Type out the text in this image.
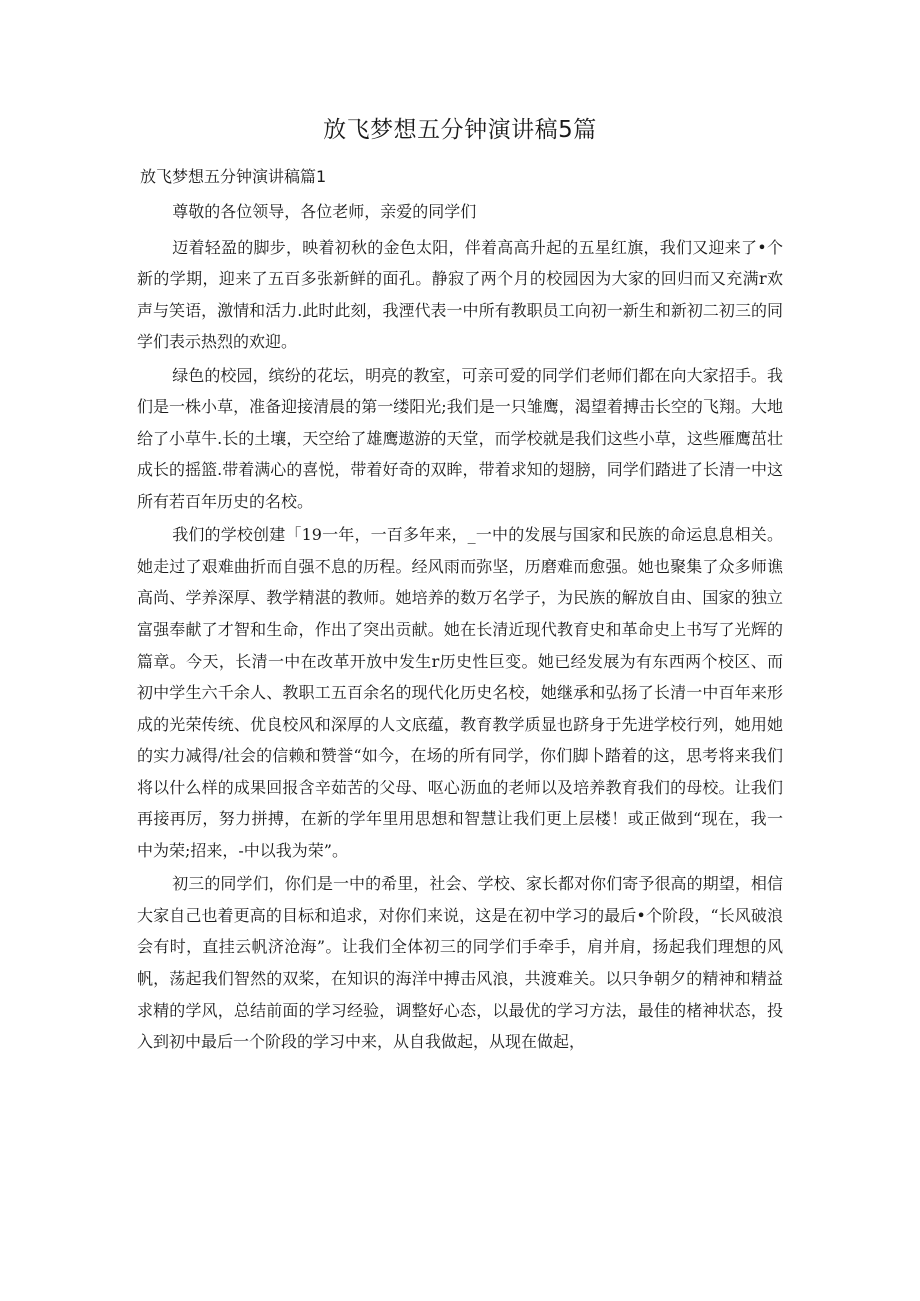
放飞梦想五分钟演讲稿5篇
放飞梦想五分钟演讲稿篇1

尊敬的各位领导，各位老师，亲爱的同学们

迈着轻盈的脚步，映着初秋的金色太阳，伴着高高升起的五星红旗，我们又迎来了•个新的学期，迎来了五百多张新鲜的面孔。静寂了两个月的校园因为大家的回归而又充满r欢声与笑语，激情和活力.此时此刻，我湮代表一中所有教职员工向初一新生和新初二初三的同学们表示热烈的欢迎。

绿色的校园，缤纷的花坛，明亮的教室，可亲可爱的同学们老师们都在向大家招手。我们是一株小草，准备迎接清晨的第一缕阳光;我们是一只雏鹰，渴望着搏击长空的飞翔。大地给了小草牛.长的土壤，天空给了雄鹰遨游的天堂，而学校就是我们这些小草，这些雁鹰茁壮成长的摇篮.带着满心的喜悦，带着好奇的双眸，带着求知的翅膀，同学们踏进了长清一中这所有若百年历史的名校。

我们的学校创建「19一年，一百多年来，_一中的发展与国家和民族的命运息息相关。她走过了艰难曲折而自强不息的历程。经风雨而弥坚，历磨难而愈强。她也聚集了众多师谯高尚、学养深厚、教学精湛的教师。她培养的数万名学子，为民族的解放自由、国家的独立富强奉献了才智和生命，作出了突出贡献。她在长清近现代教育史和革命史上书写了光辉的篇章。今天，长清一中在改革开放中发生r历史性巨变。她已经发展为有东西两个校区、而初中学生六千余人、教职工五百余名的现代化历史名校，她继承和弘扬了长清一中百年来形成的光荣传统、优良校风和深厚的人文底蕴，教育教学质显也跻身于先进学校行列，她用她的实力减得/社会的信赖和赞誉“如今，在场的所有同学，你们脚卜踏着的这，思考将来我们将以什么样的成果回报含辛茹苦的父母、呕心沥血的老师以及培养教育我们的母校。让我们再接再厉，努力拼搏，在新的学年里用思想和智慧让我们更上层楼！或正做到“现在，我一中为荣;招来，-中以我为荣”。

初三的同学们，你们是一中的希里，社会、学校、家长都对你们寄予很高的期望，相信大家自己也着更高的目标和追求，对你们来说，这是在初中学习的最后•个阶段，“长风破浪会有时，直挂云帆济沧海”。让我们全体初三的同学们手牵手，肩并肩，扬起我们理想的风帆，荡起我们智然的双桨，在知识的海洋中搏击风浪，共渡难关。以只争朝夕的精神和精益求精的学风，总结前面的学习经验，调整好心态，以最优的学习方法，最佳的楮神状态，投入到初中最后一个阶段的学习中来，从自我做起，从现在做起，
